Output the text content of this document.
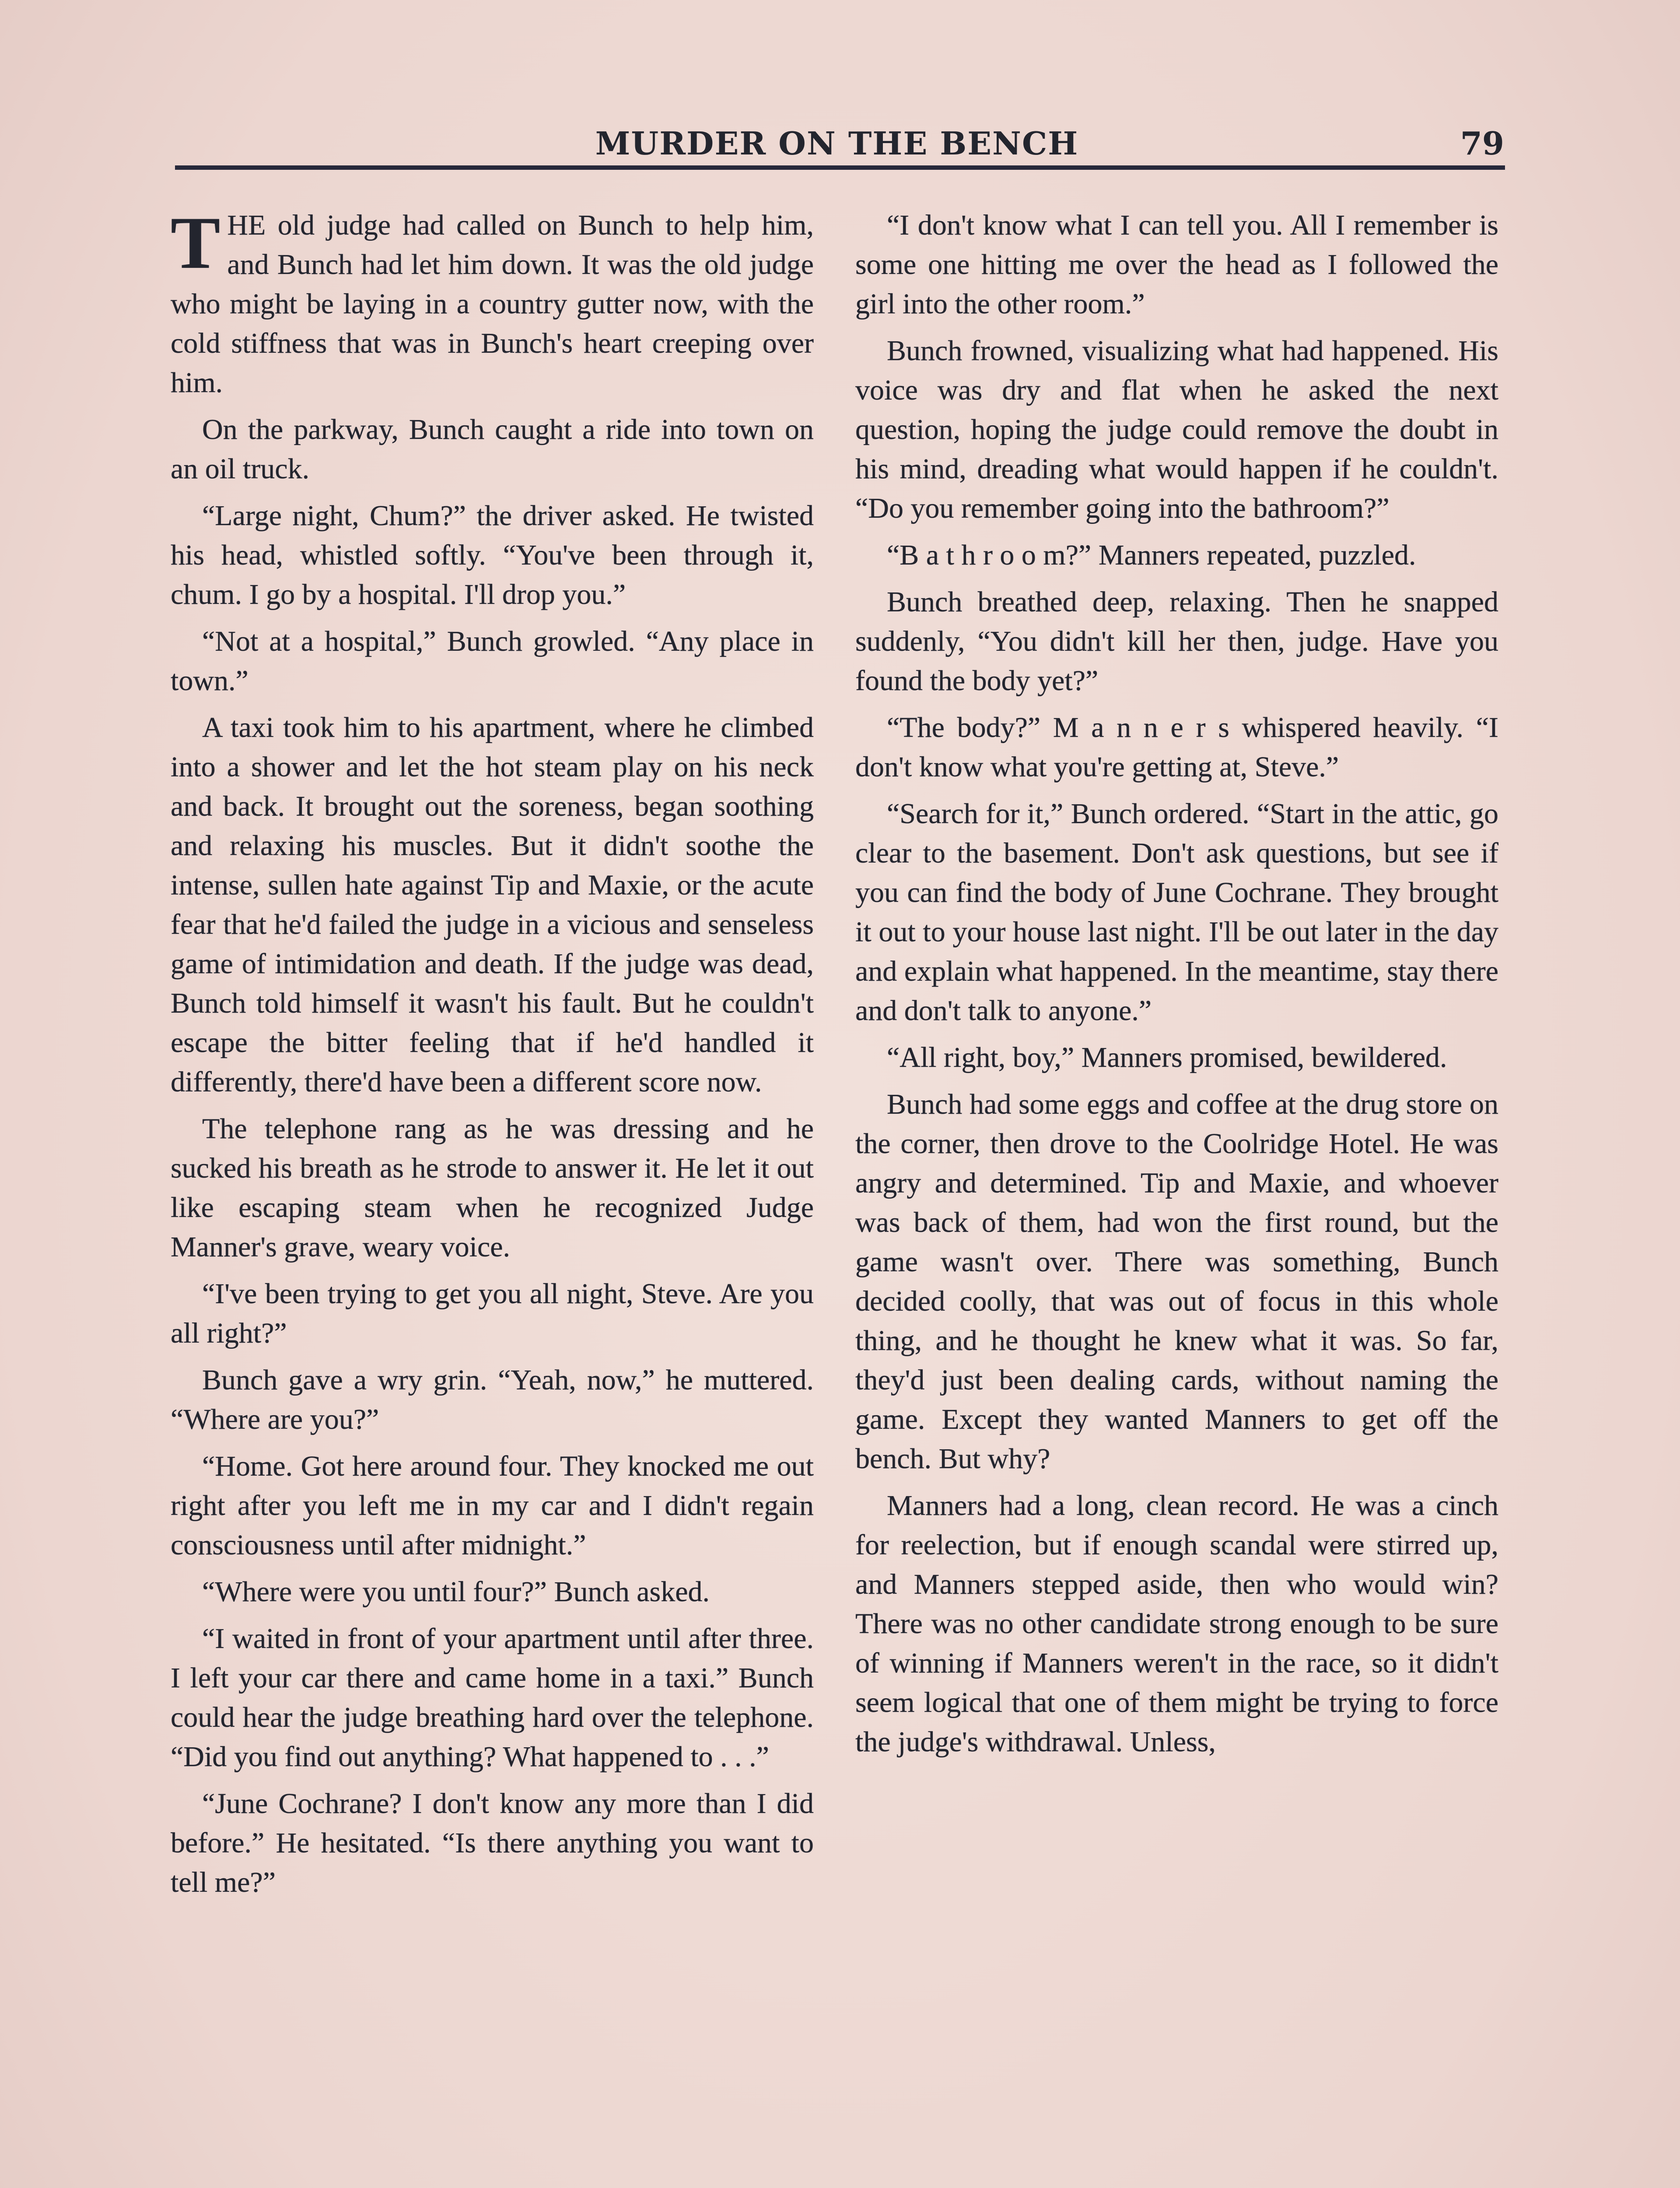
MURDER ON THE BENCH	79

THE old judge had called on Bunch to help him, and Bunch had let him down. It was the old judge who might be laying in a country gutter now, with the cold stiffness that was in Bunch's heart creeping over him.

On the parkway, Bunch caught a ride into town on an oil truck.

“Large night, Chum?” the driver asked. He twisted his head, whistled softly. “You've been through it, chum. I go by a hospital. I'll drop you.”

“Not at a hospital,” Bunch growled. “Any place in town.”

A taxi took him to his apartment, where he climbed into a shower and let the hot steam play on his neck and back. It brought out the soreness, began soothing and relaxing his muscles. But it didn't soothe the intense, sullen hate against Tip and Maxie, or the acute fear that he'd failed the judge in a vicious and senseless game of intimidation and death. If the judge was dead, Bunch told himself it wasn't his fault. But he couldn't escape the bitter feeling that if he'd handled it differently, there'd have been a different score now.

The telephone rang as he was dressing and he sucked his breath as he strode to answer it. He let it out like escaping steam when he recognized Judge Manner's grave, weary voice.

“I've been trying to get you all night, Steve. Are you all right?”

Bunch gave a wry grin. “Yeah, now,” he muttered. “Where are you?”

“Home. Got here around four. They knocked me out right after you left me in my car and I didn't regain consciousness until after midnight.”

“Where were you until four?” Bunch asked.

“I waited in front of your apartment until after three. I left your car there and came home in a taxi.” Bunch could hear the judge breathing hard over the telephone. “Did you find out anything? What happened to . . .”

“June Cochrane? I don't know any more than I did before.” He hesitated. “Is there anything you want to tell me?”

“I don't know what I can tell you. All I remember is some one hitting me over the head as I followed the girl into the other room.”

Bunch frowned, visualizing what had happened. His voice was dry and flat when he asked the next question, hoping the judge could remove the doubt in his mind, dreading what would happen if he couldn't. “Do you remember going into the bathroom?”

“B a t h r o o m?” Manners repeated, puzzled.

Bunch breathed deep, relaxing. Then he snapped suddenly, “You didn't kill her then, judge. Have you found the body yet?”

“The body?” M a n n e r s whispered heavily. “I don't know what you're getting at, Steve.”

“Search for it,” Bunch ordered. “Start in the attic, go clear to the basement. Don't ask questions, but see if you can find the body of June Cochrane. They brought it out to your house last night. I'll be out later in the day and explain what happened. In the meantime, stay there and don't talk to anyone.”

“All right, boy,” Manners promised, bewildered.

Bunch had some eggs and coffee at the drug store on the corner, then drove to the Coolridge Hotel. He was angry and determined. Tip and Maxie, and whoever was back of them, had won the first round, but the game wasn't over. There was something, Bunch decided coolly, that was out of focus in this whole thing, and he thought he knew what it was. So far, they'd just been dealing cards, without naming the game. Except they wanted Manners to get off the bench. But why?

Manners had a long, clean record. He was a cinch for reelection, but if enough scandal were stirred up, and Manners stepped aside, then who would win? There was no other candidate strong enough to be sure of winning if Manners weren't in the race, so it didn't seem logical that one of them might be trying to force the judge's withdrawal. Unless,
